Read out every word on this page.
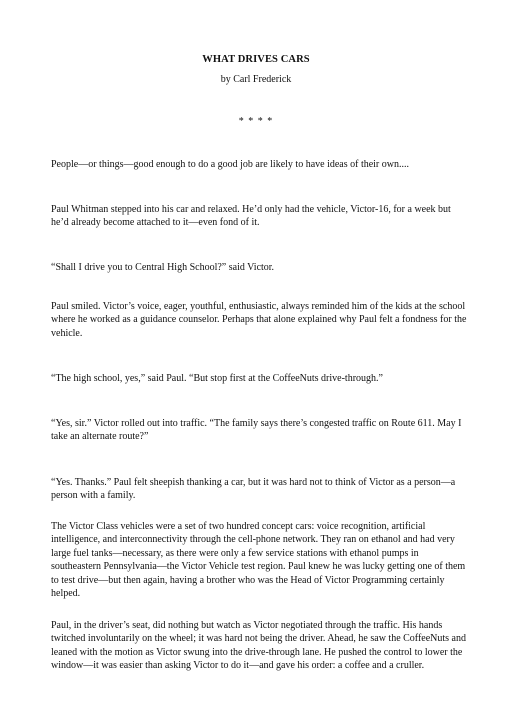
WHAT DRIVES CARS
by Carl Frederick
* * * *

People—or things—good enough to do a good job are likely to have ideas of their own....

Paul Whitman stepped into his car and relaxed. He’d only had the vehicle, Victor-16, for a week but he’d already become attached to it—even fond of it.

“Shall I drive you to Central High School?” said Victor.

Paul smiled. Victor’s voice, eager, youthful, enthusiastic, always reminded him of the kids at the school where he worked as a guidance counselor. Perhaps that alone explained why Paul felt a fondness for the vehicle.

“The high school, yes,” said Paul. “But stop first at the CoffeeNuts drive-through.”

“Yes, sir.” Victor rolled out into traffic. “The family says there’s congested traffic on Route 611. May I take an alternate route?”

“Yes. Thanks.” Paul felt sheepish thanking a car, but it was hard not to think of Victor as a person—a person with a family.

The Victor Class vehicles were a set of two hundred concept cars: voice recognition, artificial intelligence, and interconnectivity through the cell-phone network. They ran on ethanol and had very large fuel tanks—necessary, as there were only a few service stations with ethanol pumps in southeastern Pennsylvania—the Victor Vehicle test region. Paul knew he was lucky getting one of them to test drive—but then again, having a brother who was the Head of Victor Programming certainly helped.

Paul, in the driver’s seat, did nothing but watch as Victor negotiated through the traffic. His hands twitched involuntarily on the wheel; it was hard not being the driver. Ahead, he saw the CoffeeNuts and leaned with the motion as Victor swung into the drive-through lane. He pushed the control to lower the window—it was easier than asking Victor to do it—and gave his order: a coffee and a cruller.
